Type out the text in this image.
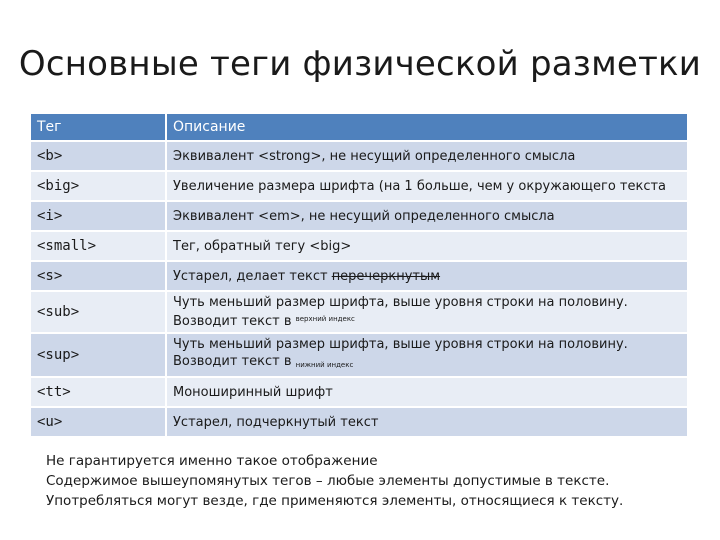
Основные теги физической разметки
Тег	Описание
<b>	Эквивалент <strong>, не несущий определенного смысла
<big>	Увеличение размера шрифта (на 1 больше, чем у окружающего текста
<i>	Эквивалент <em>, не несущий определенного смысла
<small>	Тег, обратный тегу <big>
<s>	Устарел, делает текст перечеркнутым
<sub>	Чуть меньший размер шрифта, выше уровня строки на половину.
Возводит текст в $^{верхний индекс}$
<sup>	Чуть меньший размер шрифта, выше уровня строки на половину.
Возводит текст в нижний индекс
<tt>	Моноширинный шрифт
<u>	Устарел, подчеркнутый текст
Не гарантируется именно такое отображение
Содержимое вышеупомянутых тегов – любые элементы допустимые в тексте.
Употребляться могут везде, где применяются элементы, относящиеся к тексту.
